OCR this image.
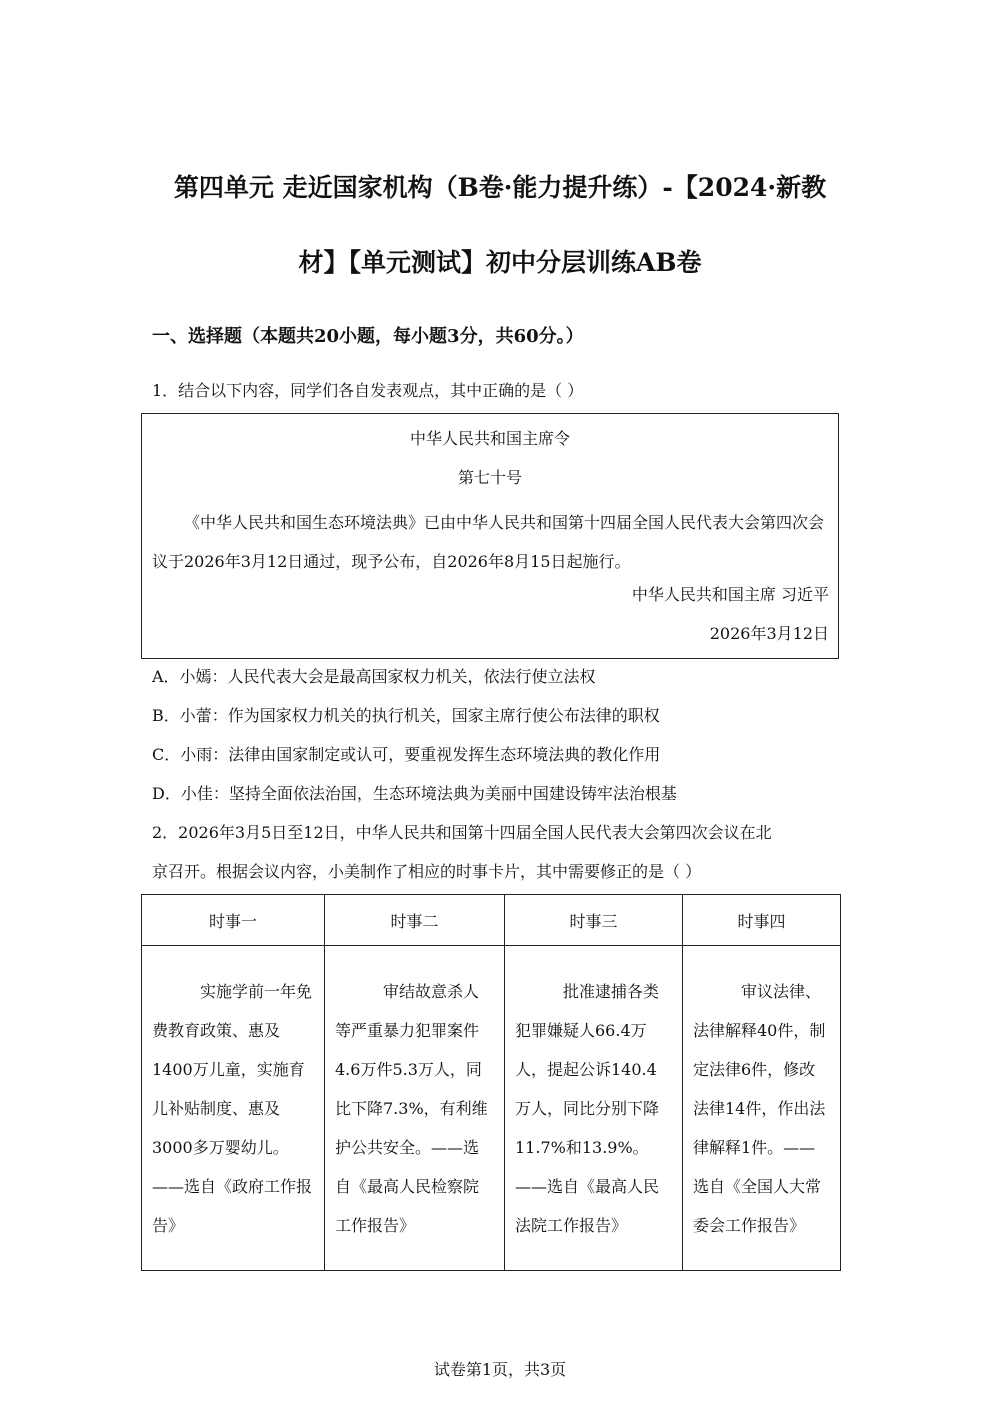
第四单元 走近国家机构（B卷·能力提升练）-【2024·新教
材】【单元测试】初中分层训练AB卷

一、选择题（本题共20小题，每小题3分，共60分。）

1．结合以下内容，同学们各自发表观点，其中正确的是（ ）

中华人民共和国主席令
第七十号
《中华人民共和国生态环境法典》已由中华人民共和国第十四届全国人民代表大会第四次会议于2026年3月12日通过，现予公布，自2026年8月15日起施行。
中华人民共和国主席 习近平
2026年3月12日

A．小嫣：人民代表大会是最高国家权力机关，依法行使立法权

B．小蕾：作为国家权力机关的执行机关，国家主席行使公布法律的职权

C．小雨：法律由国家制定或认可，要重视发挥生态环境法典的教化作用

D．小佳：坚持全面依法治国，生态环境法典为美丽中国建设铸牢法治根基

2．2026年3月5日至12日，中华人民共和国第十四届全国人民代表大会第四次会议在北

京召开。根据会议内容，小美制作了相应的时事卡片，其中需要修正的是（ ）

时事一	时事二	时事三	时事四

实施学前一年免费教育政策、惠及1400万儿童，实施育儿补贴制度、惠及3000多万婴幼儿。——选自《政府工作报告》	审结故意杀人等严重暴力犯罪案件4.6万件5.3万人，同比下降7.3%，有利维护公共安全。——选自《最高人民检察院工作报告》	批准逮捕各类犯罪嫌疑人66.4万人，提起公诉140.4万人，同比分别下降11.7%和13.9%。——选自《最高人民法院工作报告》	审议法律、法律解释40件，制定法律6件，修改法律14件，作出法律解释1件。——选自《全国人大常委会工作报告》
试卷第1页，共3页
